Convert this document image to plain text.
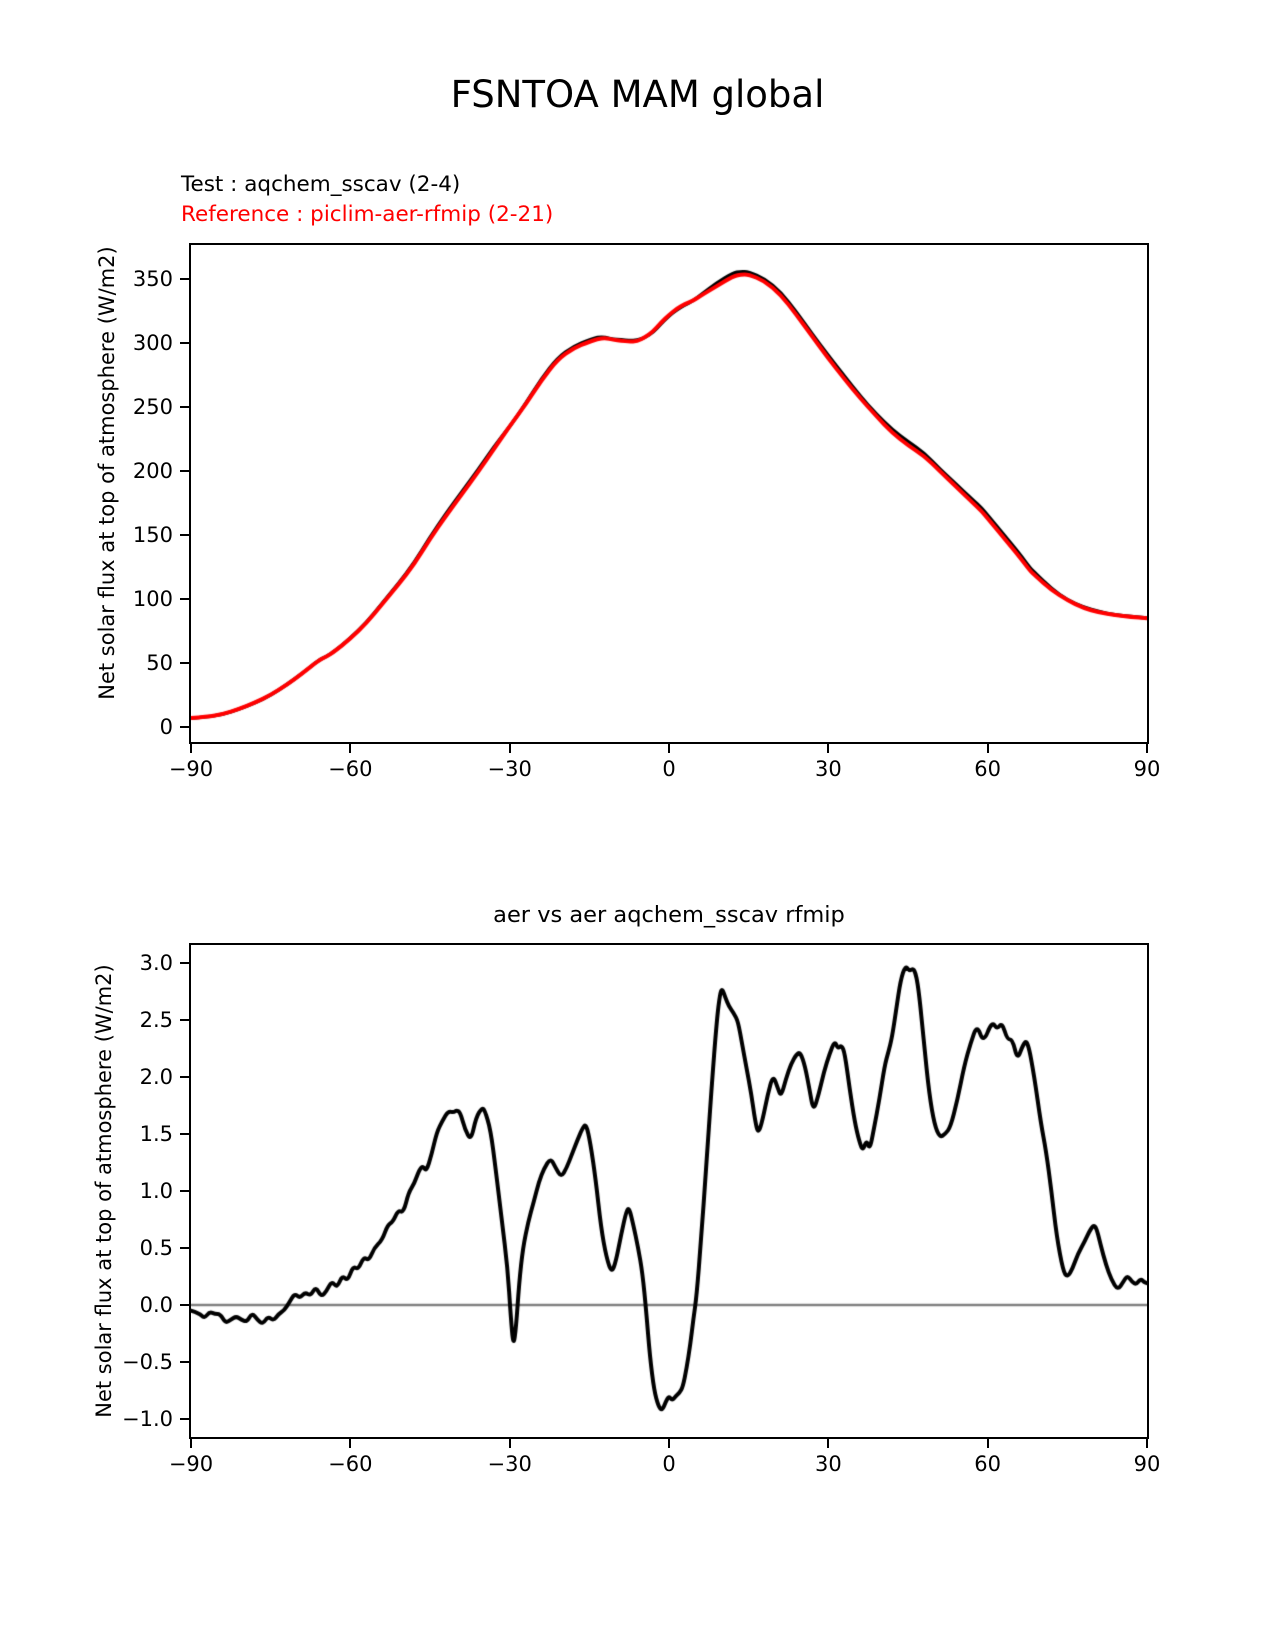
FSNTOA MAM global
Test : aqchem_sscav (2-4)
Reference : piclim-aer-rfmip (2-21)
Net solar flux at top of atmosphere (W/m2)
aer vs aer aqchem_sscav rfmip
Net solar flux at top of atmosphere (W/m2)
−90	−60	−30	0	30	60	90
0
50
100
150
200
250
300
350
−90	−60	−30	0	30	60	90
−1.0
−0.5
0.0
0.5
1.0
1.5
2.0
2.5
3.0
